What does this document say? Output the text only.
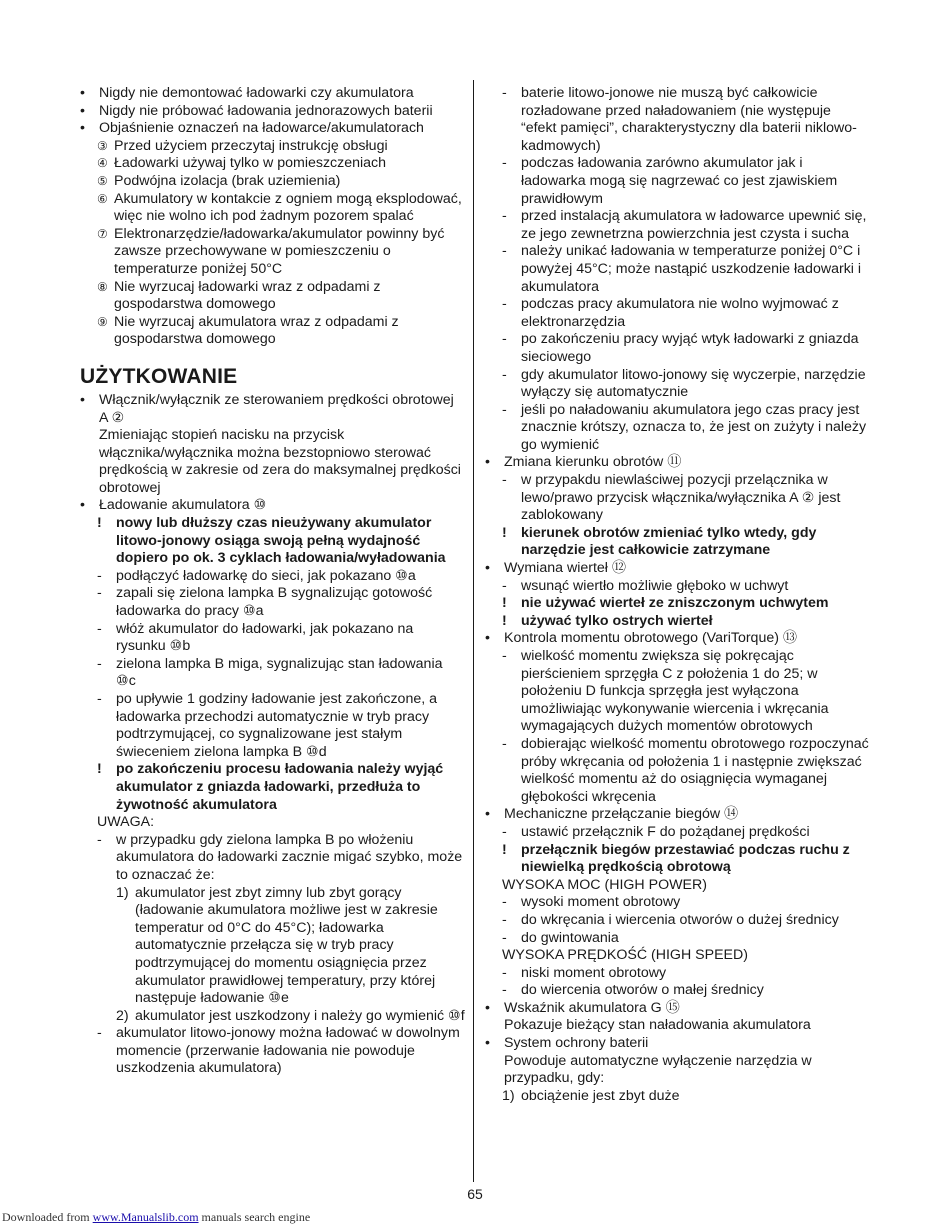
• Nigdy nie demontować ładowarki czy akumulatora
• Nigdy nie próbować ładowania jednorazowych baterii
• Objaśnienie oznaczeń na ładowarce/akumulatorach
③ Przed użyciem przeczytaj instrukcję obsługi
④ Ładowarki używaj tylko w pomieszczeniach
⑤ Podwójna izolacja (brak uziemienia)
⑥ Akumulatory w kontakcie z ogniem mogą eksplodować, więc nie wolno ich pod żadnym pozorem spalać
⑦ Elektronarzędzie/ładowarka/akumulator powinny być zawsze przechowywane w pomieszczeniu o temperaturze poniżej 50°C
⑧ Nie wyrzucaj ładowarki wraz z odpadami z gospodarstwa domowego
⑨ Nie wyrzucaj akumulatora wraz z odpadami z gospodarstwa domowego
UŻYTKOWANIE
• Włącznik/wyłącznik ze sterowaniem prędkości obrotowej A ②
Zmieniając stopień nacisku na przycisk włącznika/wyłącznika można bezstopniowo sterować prędkością w zakresie od zera do maksymalnej prędkości obrotowej
• Ładowanie akumulatora ⑩
!	nowy lub dłuższy czas nieużywany akumulator litowo-jonowy osiąga swoją pełną wydajność dopiero po ok. 3 cyklach ładowania/wyładowania
-	podłączyć ładowarkę do sieci, jak pokazano ⑩a
-	zapali się zielona lampka B sygnalizując gotowość ładowarka do pracy ⑩a
-	włóż akumulator do ładowarki, jak pokazano na rysunku ⑩b
-	zielona lampka B miga, sygnalizując stan ładowania ⑩c
-	po upływie 1 godziny ładowanie jest zakończone, a ładowarka przechodzi automatycznie w tryb pracy podtrzymującej, co sygnalizowane jest stałym świeceniem zielona lampka B ⑩d
!	po zakończeniu procesu ładowania należy wyjąć akumulator z gniazda ładowarki, przedłuża to żywotność akumulatora
UWAGA:
-	w przypadku gdy zielona lampka B po włożeniu akumulatora do ładowarki zacznie migać szybko, może to oznaczać że:
1) akumulator jest zbyt zimny lub zbyt gorący (ładowanie akumulatora możliwe jest w zakresie temperatur od 0°C do 45°C); ładowarka automatycznie przełącza się w tryb pracy podtrzymującej do momentu osiągnięcia przez akumulator prawidłowej temperatury, przy której następuje ładowanie ⑩e
2) akumulator jest uszkodzony i należy go wymienić ⑩f
-	akumulator litowo-jonowy można ładować w dowolnym momencie (przerwanie ładowania nie powoduje uszkodzenia akumulatora)
-	baterie litowo-jonowe nie muszą być całkowicie rozładowane przed naładowaniem (nie występuje “efekt pamięci”, charakterystyczny dla baterii niklowo-kadmowych)
-	podczas ładowania zarówno akumulator jak i ładowarka mogą się nagrzewać co jest zjawiskiem prawidłowym
-	przed instalacją akumulatora w ładowarce upewnić się, ze jego zewnetrzna powierzchnia jest czysta i sucha
-	należy unikać ładowania w temperaturze poniżej 0°C i powyżej 45°C; może nastąpić uszkodzenie ładowarki i akumulatora
-	podczas pracy akumulatora nie wolno wyjmować z elektronarzędzia
-	po zakończeniu pracy wyjąć wtyk ładowarki z gniazda sieciowego
-	gdy akumulator litowo-jonowy się wyczerpie, narzędzie wyłączy się automatycznie
-	jeśli po naładowaniu akumulatora jego czas pracy jest znacznie krótszy, oznacza to, że jest on zużyty i należy go wymienić
• Zmiana kierunku obrotów ⑪
-	w przypakdu niewlaściwej pozycji przelącznika w lewo/prawo przycisk włącznika/wyłącznika A ② jest zablokowany
!	kierunek obrotów zmieniać tylko wtedy, gdy narzędzie jest całkowicie zatrzymane
• Wymiana wierteł ⑫
-	wsunąć wiertło możliwie głęboko w uchwyt
!	nie używać wierteł ze zniszczonym uchwytem
!	używać tylko ostrych wierteł
• Kontrola momentu obrotowego (VariTorque) ⑬
-	wielkość momentu zwiększa się pokręcając pierścieniem sprzęgła C z położenia 1 do 25; w położeniu D funkcja sprzęgła jest wyłączona umożliwiając wykonywanie wiercenia i wkręcania wymagających dużych momentów obrotowych
-	dobierając wielkość momentu obrotowego rozpoczynać próby wkręcania od położenia 1 i następnie zwiększać wielkość momentu aż do osiągnięcia wymaganej głębokości wkręcenia
• Mechaniczne przełączanie biegów ⑭
-	ustawić przełącznik F do pożądanej prędkości
!	przełącznik biegów przestawiać podczas ruchu z niewielką prędkością obrotową
WYSOKA MOC (HIGH POWER)
-	wysoki moment obrotowy
-	do wkręcania i wiercenia otworów o dużej średnicy
-	do gwintowania
WYSOKA PRĘDKOŚĆ (HIGH SPEED)
-	niski moment obrotowy
-	do wiercenia otworów o małej średnicy
• Wskaźnik akumulatora G ⑮
Pokazuje bieżący stan naładowania akumulatora
• System ochrony baterii
Powoduje automatyczne wyłączenie narzędzia w przypadku, gdy:
1) obciążenie jest zbyt duże
65
Downloaded from www.Manualslib.com manuals search engine
